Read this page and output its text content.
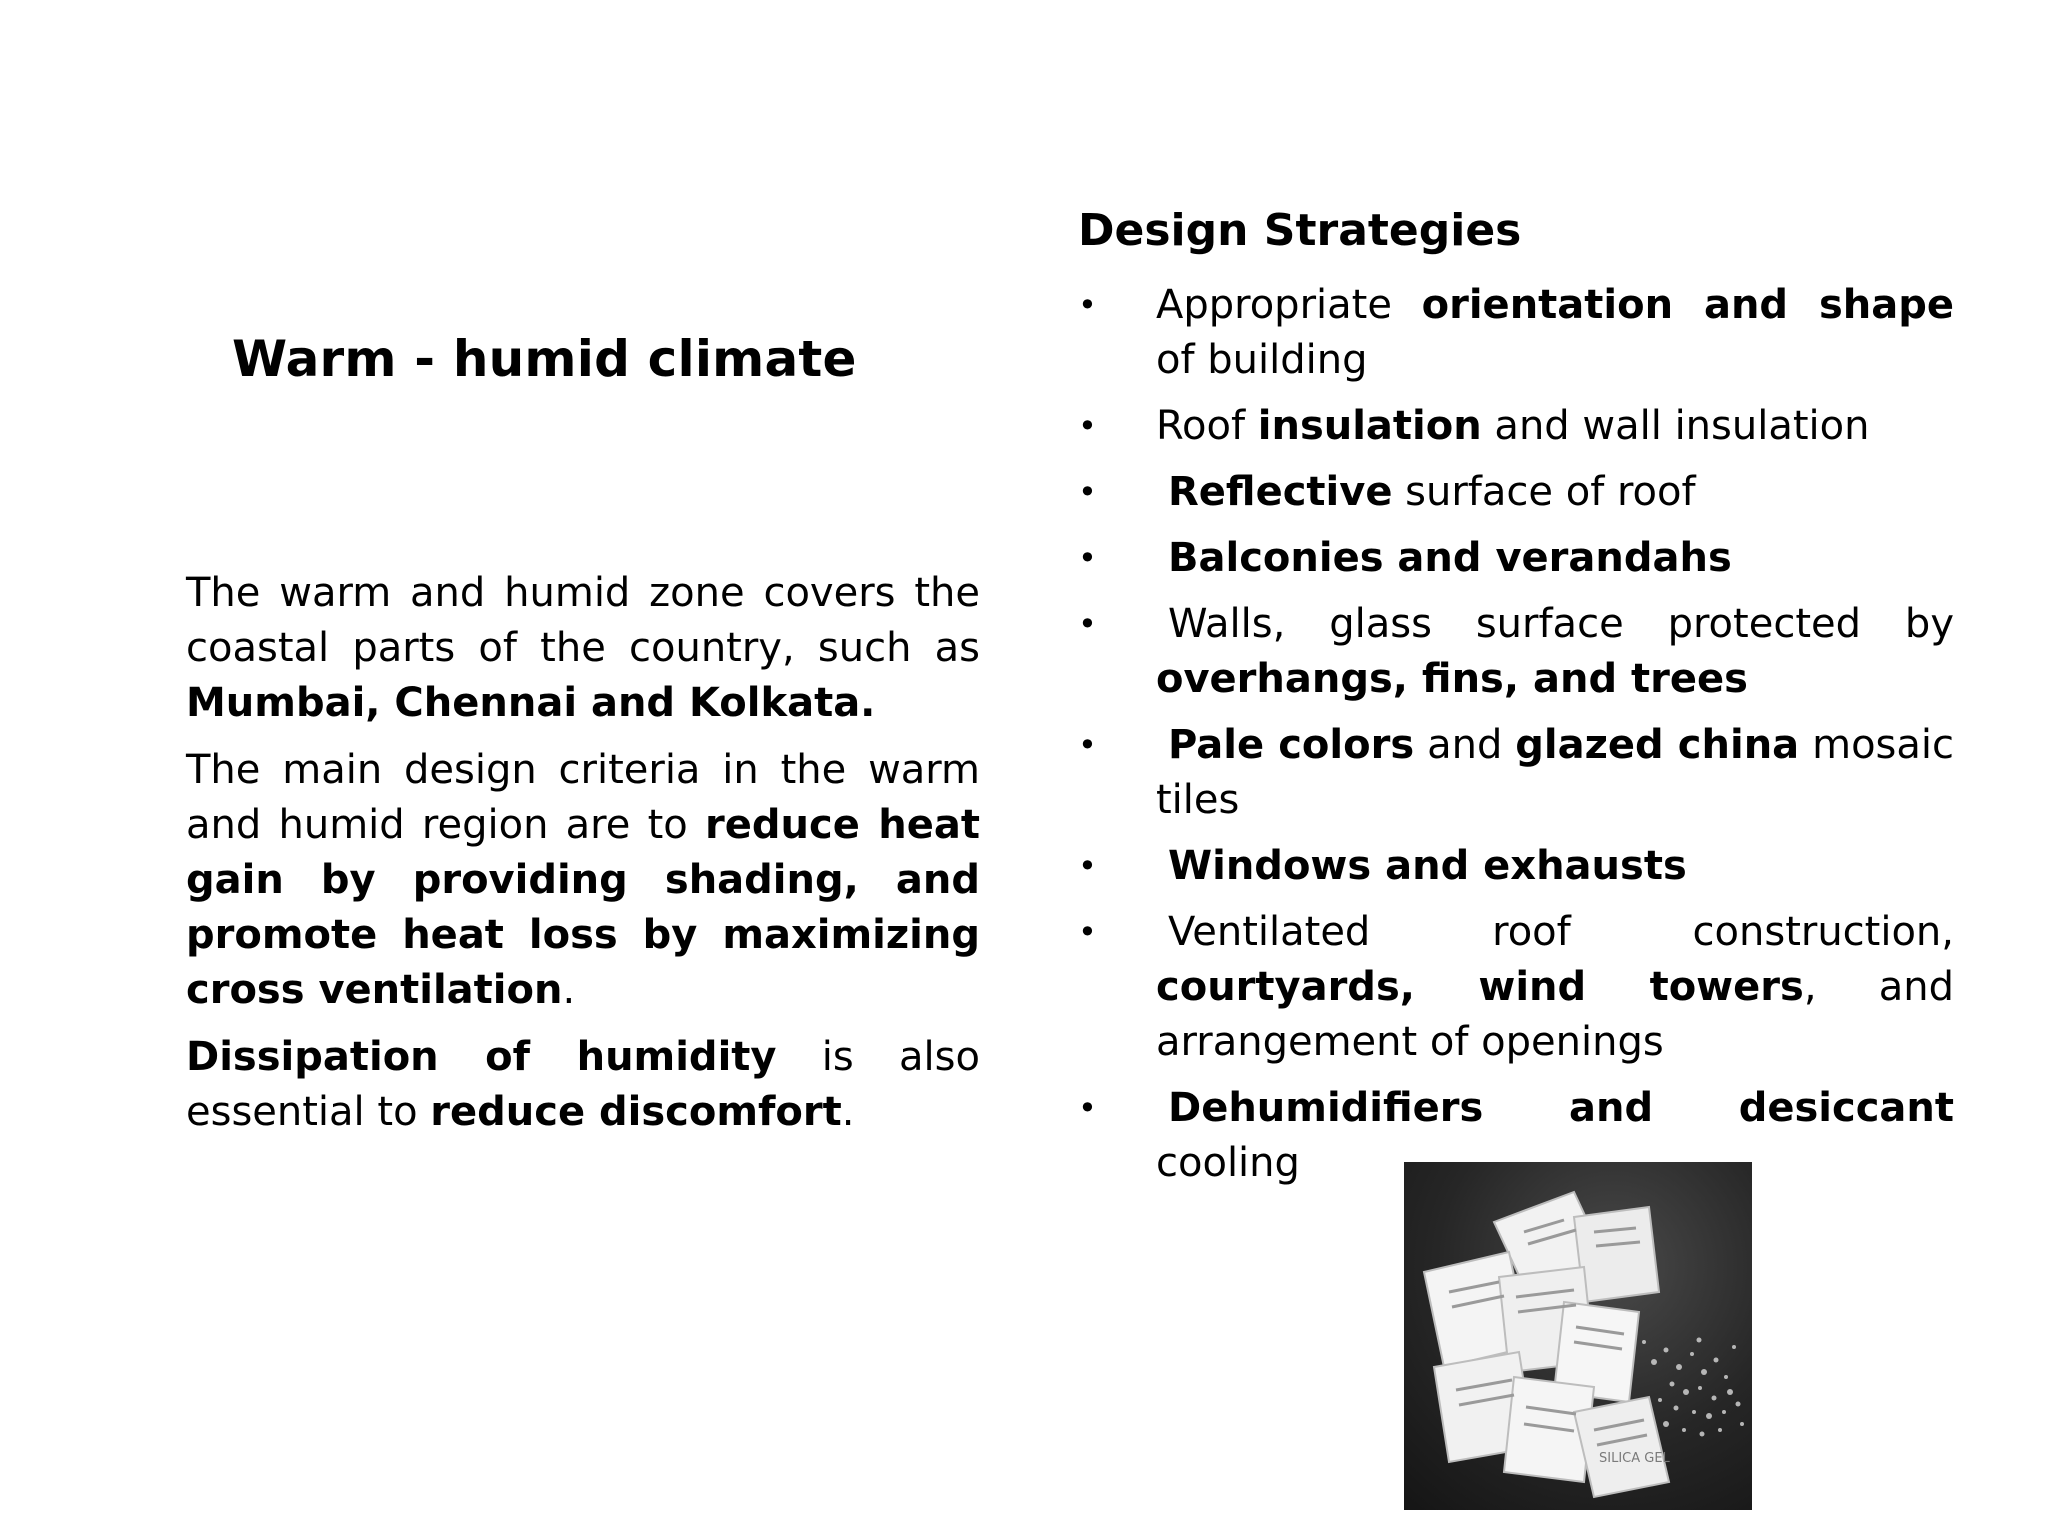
Warm - humid climate

The warm and humid zone covers the coastal parts of the country, such as Mumbai, Chennai and Kolkata.

The main design criteria in the warm and humid region are to reduce heat gain by providing shading, and promote heat loss by maximizing cross ventilation.

Dissipation of humidity is also essential to reduce discomfort.

Design Strategies
• Appropriate orientation and shape of building
• Roof insulation and wall insulation
• Reflective surface of roof
• Balconies and verandahs
• Walls, glass surface protected by overhangs, fins, and trees
• Pale colors and glazed china mosaic tiles
• Windows and exhausts
• Ventilated roof construction, courtyards, wind towers, and arrangement of openings
• Dehumidifiers and desiccant cooling
SILICA GEL
